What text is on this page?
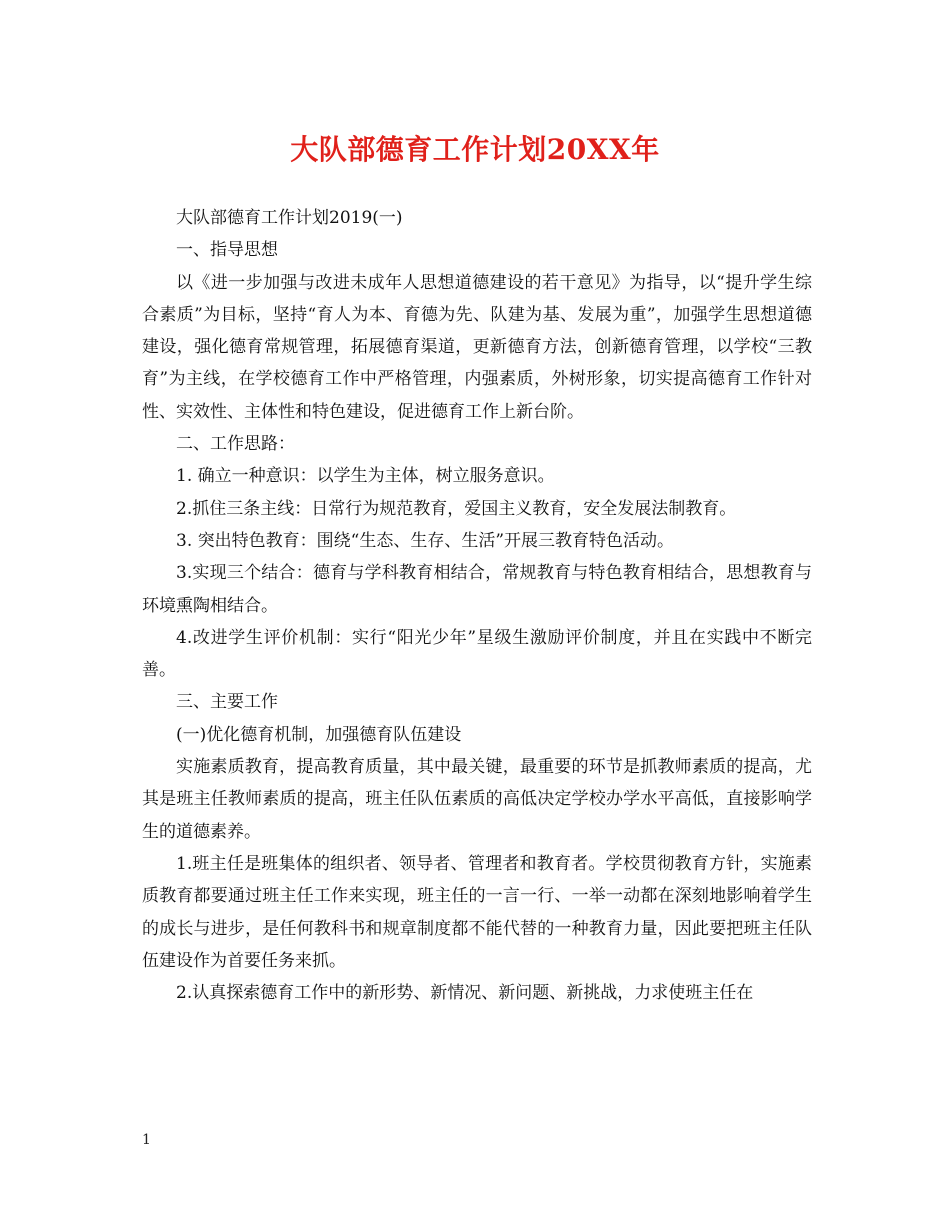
大队部德育工作计划20XX年

大队部德育工作计划2019(一)

一、指导思想

以《进一步加强与改进未成年人思想道德建设的若干意见》为指导，以“提升学生综合素质”为目标，坚持“育人为本、育德为先、队建为基、发展为重”，加强学生思想道德建设，强化德育常规管理，拓展德育渠道，更新德育方法，创新德育管理，以学校“三教育”为主线，在学校德育工作中严格管理，内强素质，外树形象，切实提高德育工作针对性、实效性、主体性和特色建设，促进德育工作上新台阶。

二、工作思路：

1. 确立一种意识：以学生为主体，树立服务意识。

2.抓住三条主线：日常行为规范教育，爱国主义教育，安全发展法制教育。

3. 突出特色教育：围绕“生态、生存、生活”开展三教育特色活动。

3.实现三个结合：德育与学科教育相结合，常规教育与特色教育相结合，思想教育与环境熏陶相结合。

4.改进学生评价机制：实行“阳光少年”星级生激励评价制度，并且在实践中不断完善。

三、主要工作

(一)优化德育机制，加强德育队伍建设

实施素质教育，提高教育质量，其中最关键，最重要的环节是抓教师素质的提高，尤其是班主任教师素质的提高，班主任队伍素质的高低决定学校办学水平高低，直接影响学生的道德素养。

1.班主任是班集体的组织者、领导者、管理者和教育者。学校贯彻教育方针，实施素质教育都要通过班主任工作来实现，班主任的一言一行、一举一动都在深刻地影响着学生的成长与进步，是任何教科书和规章制度都不能代替的一种教育力量，因此要把班主任队伍建设作为首要任务来抓。

2.认真探索德育工作中的新形势、新情况、新问题、新挑战，力求使班主任在

1
